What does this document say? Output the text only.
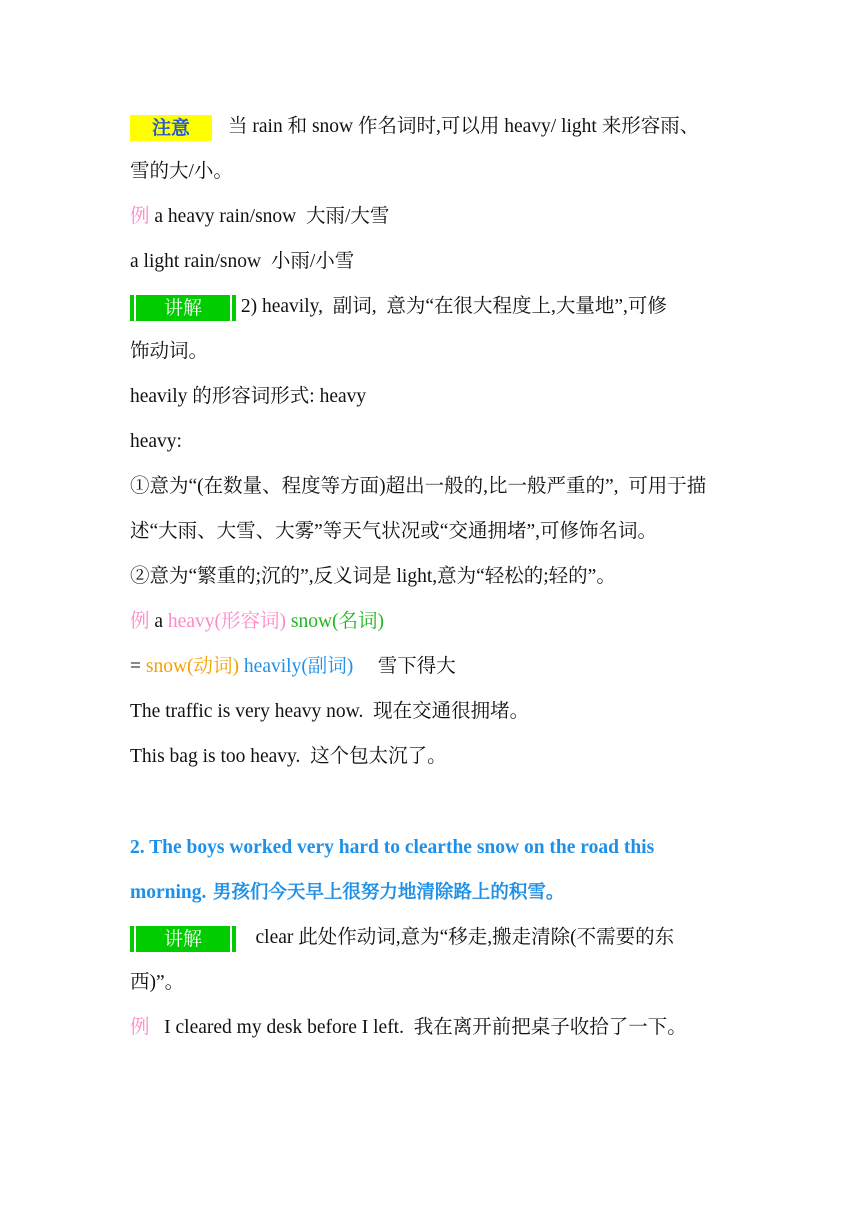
注意 当 rain 和 snow 作名词时,可以用 heavy/ light 来形容雨、
雪的大/小。
例 a heavy rain/snow  大雨/大雪
a light rain/snow  小雨/小雪
讲解 2) heavily,  副词,  意为“在很大程度上,大量地”,可修
饰动词。
heavily 的形容词形式: heavy
heavy:
①意为“(在数量、程度等方面)超出一般的,比一般严重的”,  可用于描
述“大雨、大雪、大雾”等天气状况或“交通拥堵”,可修饰名词。
②意为“繁重的;沉的”,反义词是 light,意为“轻松的;轻的”。
例 a heavy(形容词) snow(名词)
= snow(动词) heavily(副词)     雪下得大
The traffic is very heavy now.  现在交通很拥堵。
This bag is too heavy.  这个包太沉了。
2. The boys worked very hard to clearthe snow on the road this
morning. 男孩们今天早上很努力地清除路上的积雪。
讲解    clear 此处作动词,意为“移走,搬走清除(不需要的东
西)”。
例   I cleared my desk before I left.  我在离开前把桌子收拾了一下。
